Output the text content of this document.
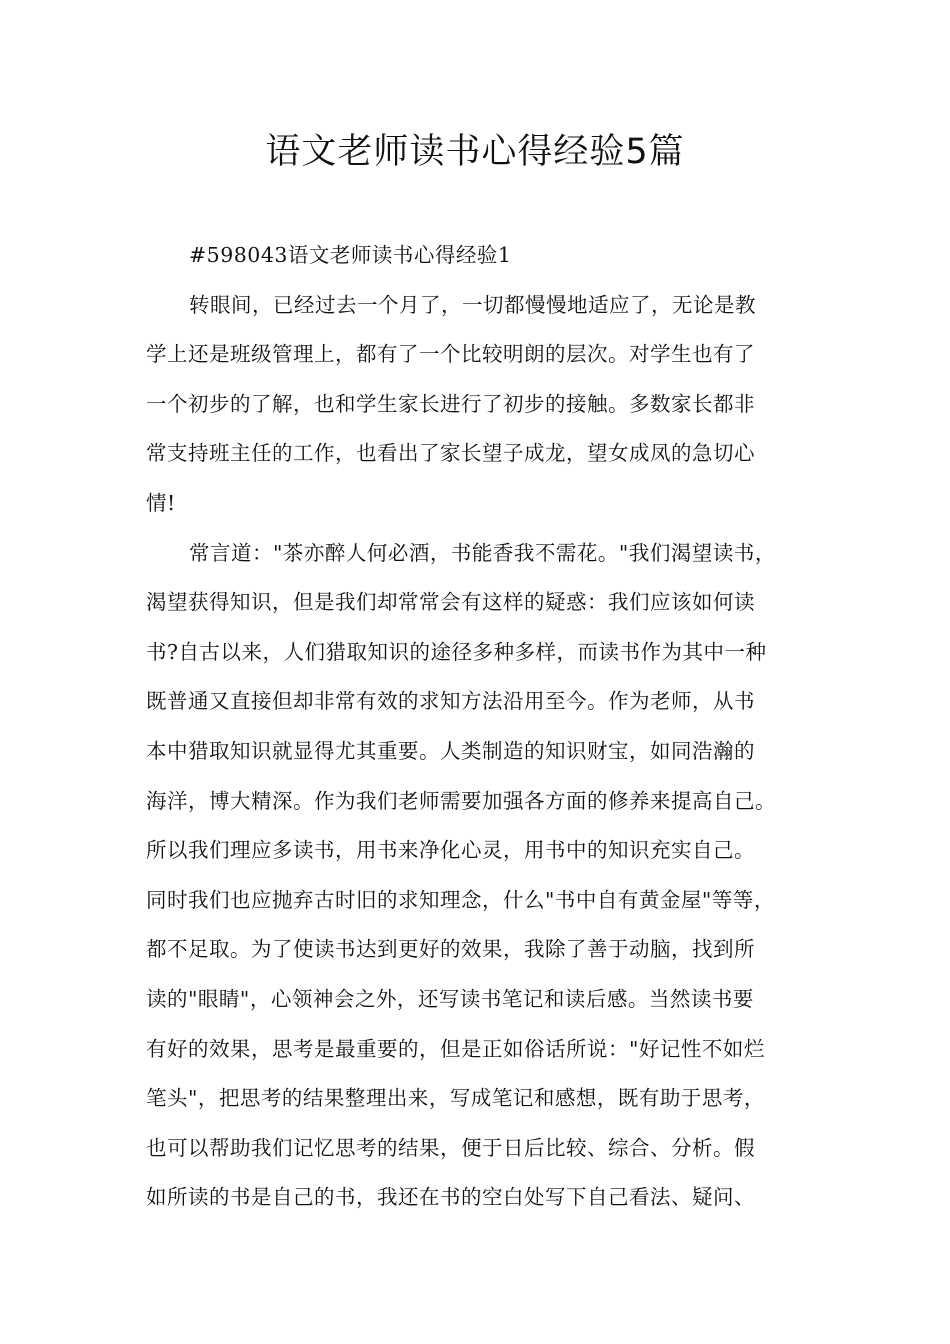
语文老师读书心得经验5篇

#598043语文老师读书心得经验1

转眼间，已经过去一个月了，一切都慢慢地适应了，无论是教

学上还是班级管理上，都有了一个比较明朗的层次。对学生也有了

一个初步的了解，也和学生家长进行了初步的接触。多数家长都非

常支持班主任的工作，也看出了家长望子成龙，望女成凤的急切心

情!

常言道："茶亦醉人何必酒，书能香我不需花。"我们渴望读书，

渴望获得知识，但是我们却常常会有这样的疑惑：我们应该如何读

书?自古以来，人们猎取知识的途径多种多样，而读书作为其中一种

既普通又直接但却非常有效的求知方法沿用至今。作为老师，从书

本中猎取知识就显得尤其重要。人类制造的知识财宝，如同浩瀚的

海洋，博大精深。作为我们老师需要加强各方面的修养来提高自己。

所以我们理应多读书，用书来净化心灵，用书中的知识充实自己。

同时我们也应抛弃古时旧的求知理念，什么"书中自有黄金屋"等等，

都不足取。为了使读书达到更好的效果，我除了善于动脑，找到所

读的"眼睛"，心领神会之外，还写读书笔记和读后感。当然读书要

有好的效果，思考是最重要的，但是正如俗话所说："好记性不如烂

笔头"，把思考的结果整理出来，写成笔记和感想，既有助于思考，

也可以帮助我们记忆思考的结果，便于日后比较、综合、分析。假

如所读的书是自己的书，我还在书的空白处写下自己看法、疑问、
